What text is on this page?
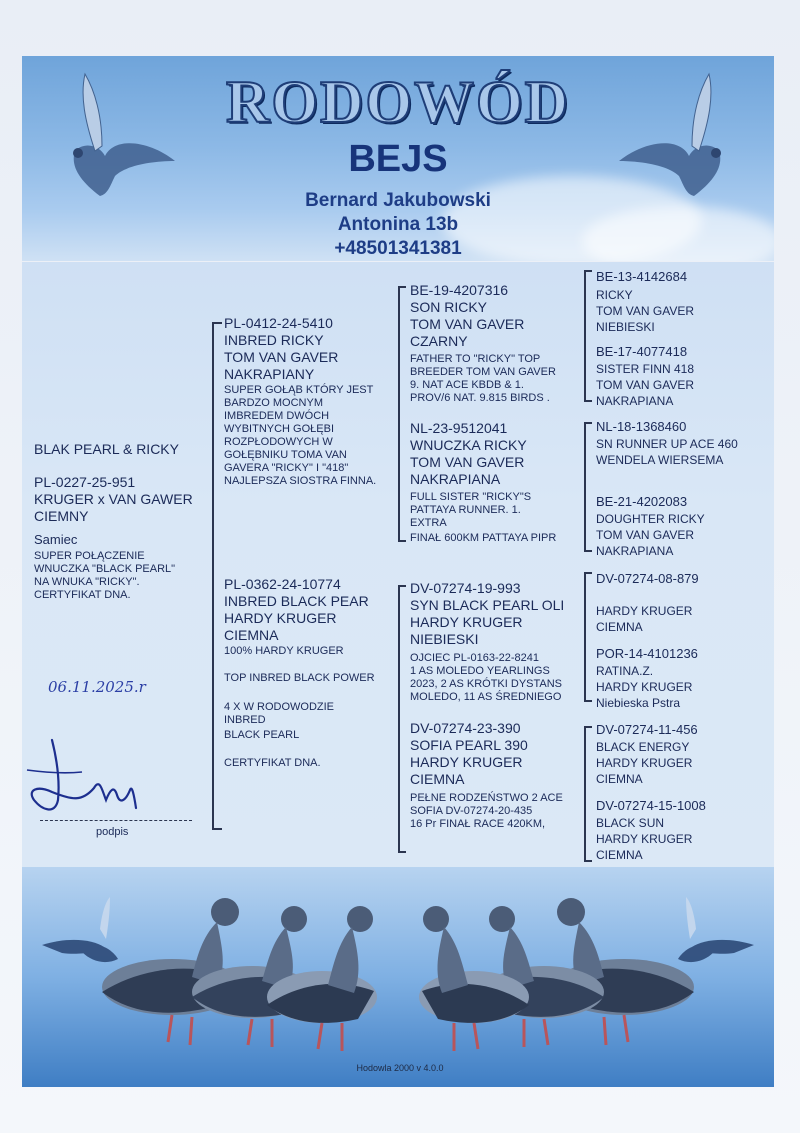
RODOWÓD
BEJS
Bernard Jakubowski
Antonina 13b
+48501341381
BLAK PEARL & RICKY
PL-0227-25-951
KRUGER x VAN GAWER
CIEMNY
Samiec
SUPER POŁĄCZENIE
WNUCZKA "BLACK PEARL"
NA WNUKA "RICKY".
CERTYFIKAT DNA.
PL-0412-24-5410
INBRED RICKY
TOM VAN GAVER
NAKRAPIANY
SUPER GOŁĄB KTÓRY JEST
BARDZO MOCNYM
IMBREDEM DWÓCH
WYBITNYCH GOŁĘBI
ROZPŁODOWYCH W
GOŁĘBNIKU TOMA VAN
GAVERA "RICKY" I "418"
NAJLEPSZA SIOSTRA FINNA.
PL-0362-24-10774
INBRED BLACK PEAR
HARDY KRUGER
CIEMNA
100% HARDY KRUGER
TOP INBRED BLACK POWER
4 X W RODOWODZIE
INBRED
BLACK PEARL
CERTYFIKAT DNA.
BE-19-4207316
SON RICKY
TOM VAN GAVER
CZARNY
FATHER TO "RICKY" TOP
BREEDER TOM VAN GAVER
9. NAT ACE KBDB & 1.
PROV/6 NAT. 9.815 BIRDS .
NL-23-9512041
WNUCZKA RICKY
TOM VAN GAVER
NAKRAPIANA
FULL SISTER "RICKY"S
PATTAYA RUNNER. 1.
EXTRA
FINAŁ 600KM PATTAYA PIPR
DV-07274-19-993
SYN BLACK PEARL OLI
HARDY KRUGER
NIEBIESKI
OJCIEC PL-0163-22-8241
1 AS MOLEDO YEARLINGS
2023, 2 AS KRÓTKI DYSTANS
MOLEDO, 11 AS ŚREDNIEGO
DV-07274-23-390
SOFIA PEARL 390
HARDY KRUGER
CIEMNA
PEŁNE RODZEŃSTWO 2 ACE
SOFIA DV-07274-20-435
16 Pr FINAŁ RACE 420KM,
BE-13-4142684
RICKY
TOM VAN GAVER
NIEBIESKI
BE-17-4077418
SISTER FINN 418
TOM VAN GAVER
NAKRAPIANA
NL-18-1368460
SN RUNNER UP ACE 460
WENDELA WIERSEMA
BE-21-4202083
DOUGHTER RICKY
TOM VAN GAVER
NAKRAPIANA
DV-07274-08-879
HARDY KRUGER
CIEMNA
POR-14-4101236
RATINA.Z.
HARDY KRUGER
Niebieska Pstra
DV-07274-11-456
BLACK ENERGY
HARDY KRUGER
CIEMNA
DV-07274-15-1008
BLACK SUN
HARDY KRUGER
CIEMNA
06.11.2025.r
podpis
Hodowla 2000 v 4.0.0
